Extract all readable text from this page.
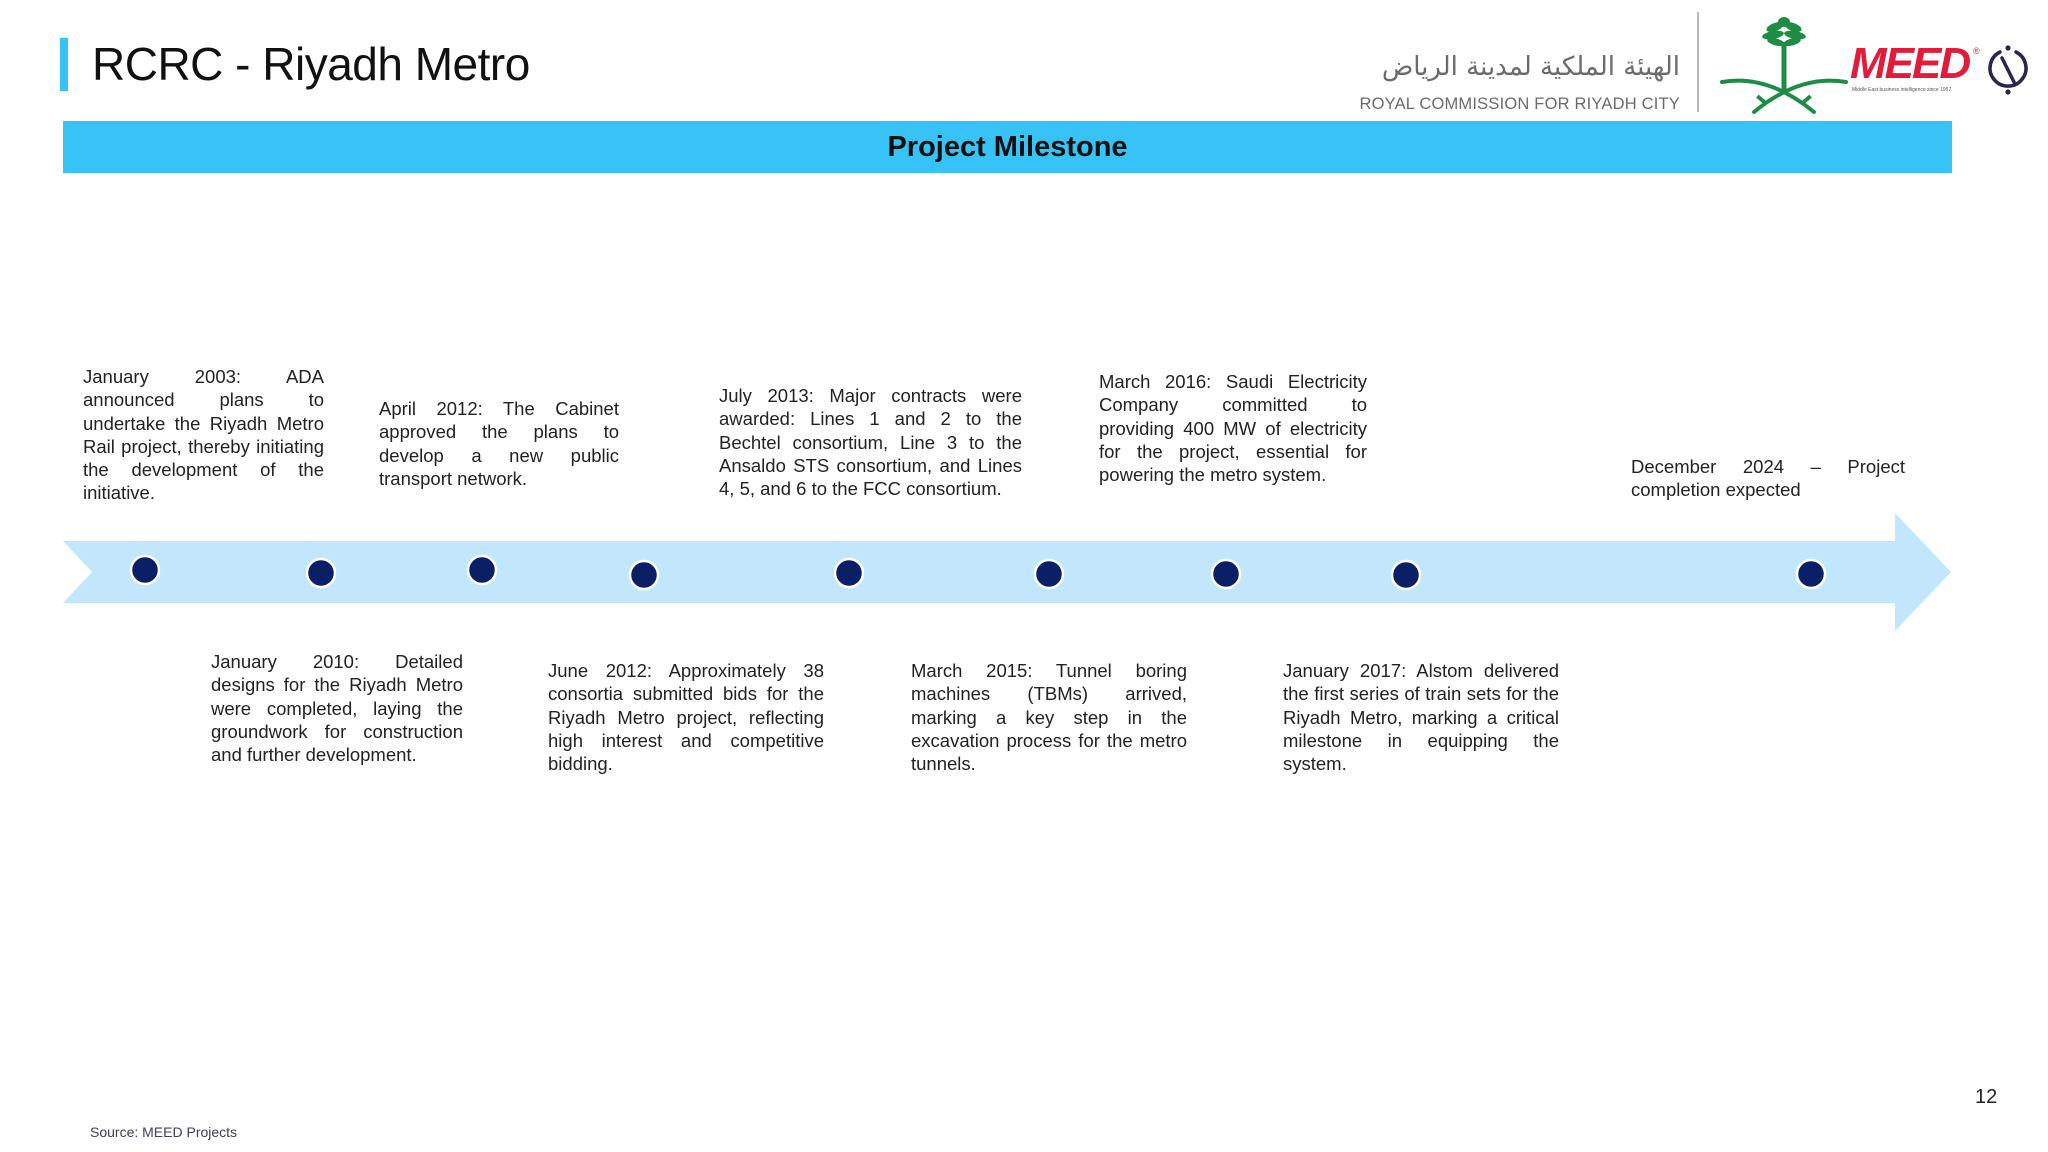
RCRC - Riyadh Metro	الهيئة الملكية لمدينة الرياض
ROYAL COMMISSION FOR RIYADH CITY
MEED ®
Middle East business intelligence since 1957
Project Milestone
January 2003: ADA announced plans to undertake the Riyadh Metro Rail project, thereby initiating the development of the initiative.
April 2012: The Cabinet approved the plans to develop a new public transport network.
July 2013: Major contracts were awarded: Lines 1 and 2 to the Bechtel consortium, Line 3 to the Ansaldo STS consortium, and Lines 4, 5, and 6 to the FCC consortium.
March 2016: Saudi Electricity Company committed to providing 400 MW of electricity for the project, essential for powering the metro system.	December 2024 – Project completion expected
January 2010: Detailed designs for the Riyadh Metro were completed, laying the groundwork for construction and further development.
June 2012: Approximately 38 consortia submitted bids for the Riyadh Metro project, reflecting high interest and competitive bidding.
March 2015: Tunnel boring machines (TBMs) arrived, marking a key step in the excavation process for the metro tunnels.
January 2017: Alstom delivered the first series of train sets for the Riyadh Metro, marking a critical milestone in equipping the system.
Source: MEED Projects
12
